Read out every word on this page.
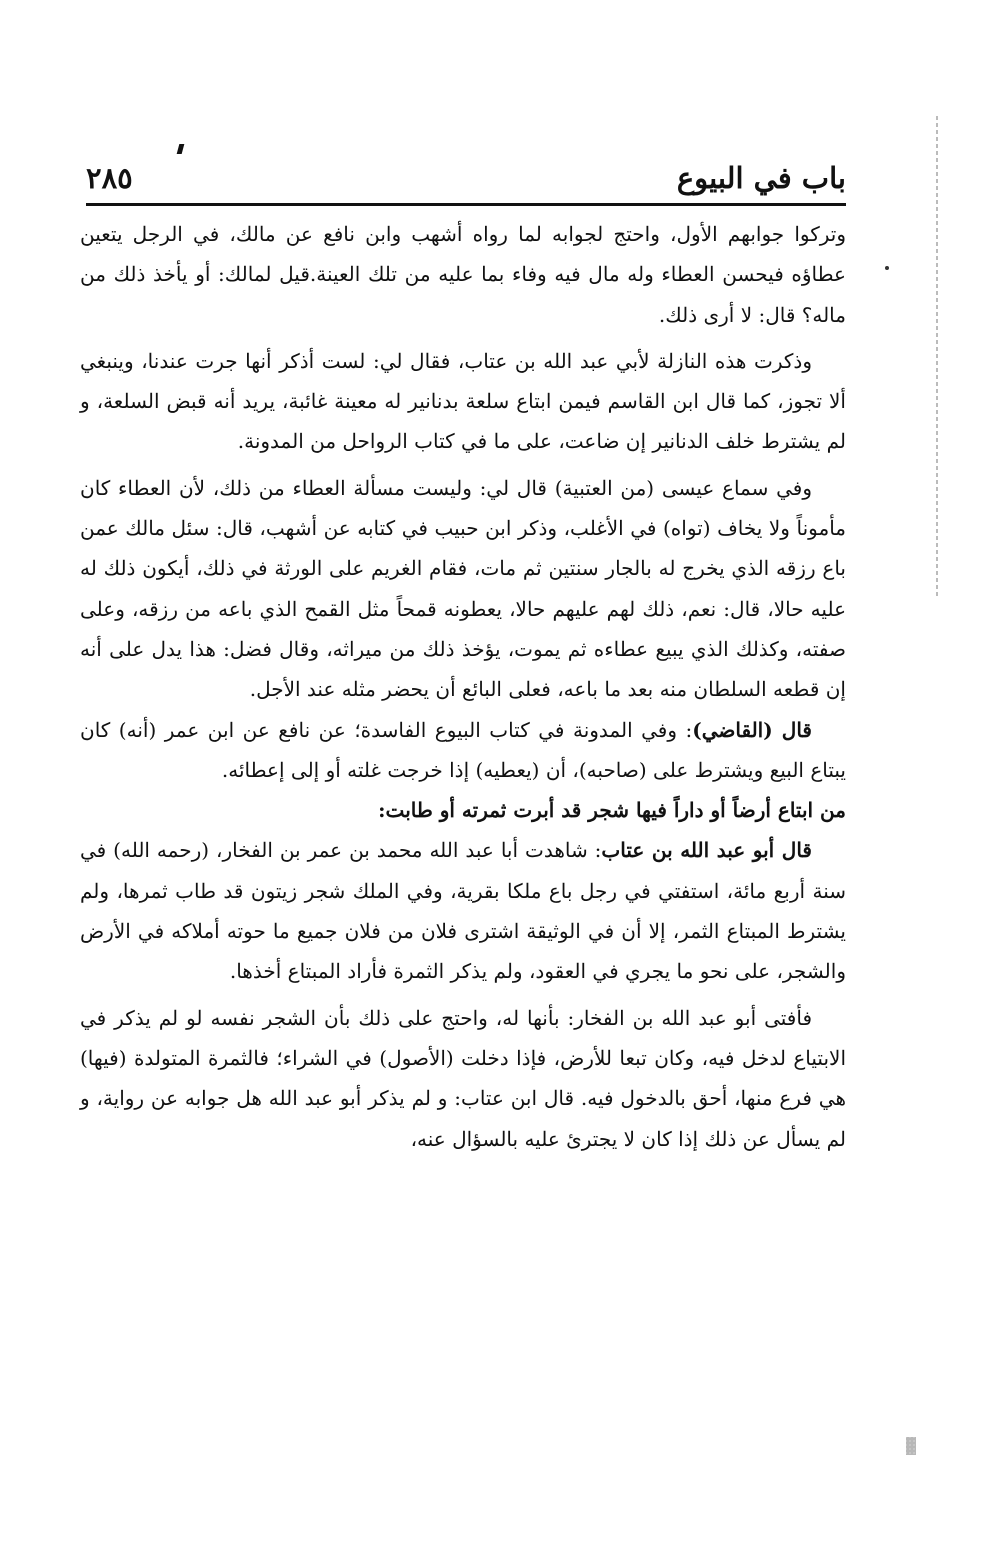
باب في البيوع
٢٨٥

وتركوا جوابهم الأول، واحتج لجوابه لما رواه أشهب وابن نافع عن مالك، في الرجل يتعين عطاؤه فيحسن العطاء وله مال فيه وفاء بما عليه من تلك العينة.قيل لمالك: أو يأخذ ذلك من ماله؟ قال: لا أرى ذلك.

وذكرت هذه النازلة لأبي عبد الله بن عتاب، فقال لي: لست أذكر أنها جرت عندنا، وينبغي ألا تجوز، كما قال ابن القاسم فيمن ابتاع سلعة بدنانير له معينة غائبة، يريد أنه قبض السلعة، و لم يشترط خلف الدنانير إن ضاعت، على ما في كتاب الرواحل من المدونة.

وفي سماع عيسى (من العتبية) قال لي: وليست مسألة العطاء من ذلك، لأن العطاء كان مأموناً ولا يخاف (تواه) في الأغلب، وذكر ابن حبيب في كتابه عن أشهب، قال: سئل مالك عمن باع رزقه الذي يخرج له بالجار سنتين ثم مات، فقام الغريم على الورثة في ذلك، أيكون ذلك له عليه حالا، قال: نعم، ذلك لهم عليهم حالا، يعطونه قمحاً مثل القمح الذي باعه من رزقه، وعلى صفته، وكذلك الذي يبيع عطاءه ثم يموت، يؤخذ ذلك من ميراثه، وقال فضل: هذا يدل على أنه إن قطعه السلطان منه بعد ما باعه، فعلى البائع أن يحضر مثله عند الأجل.

قال (القاضي): وفي المدونة في كتاب البيوع الفاسدة؛ عن نافع عن ابن عمر (أنه) كان يبتاع البيع ويشترط على (صاحبه)، أن (يعطيه) إذا خرجت غلته أو إلى إعطائه.

من ابتاع أرضاً أو داراً فيها شجر قد أبرت ثمرته أو طابت:

قال أبو عبد الله بن عتاب: شاهدت أبا عبد الله محمد بن عمر بن الفخار، (رحمه الله) في سنة أربع مائة، استفتي في رجل باع ملكا بقرية، وفي الملك شجر زيتون قد طاب ثمرها، ولم يشترط المبتاع الثمر، إلا أن في الوثيقة اشترى فلان من فلان جميع ما حوته أملاكه في الأرض والشجر، على نحو ما يجري في العقود، ولم يذكر الثمرة فأراد المبتاع أخذها.

فأفتى أبو عبد الله بن الفخار: بأنها له، واحتج على ذلك بأن الشجر نفسه لو لم يذكر في الابتياع لدخل فيه، وكان تبعا للأرض، فإذا دخلت (الأصول) في الشراء؛ فالثمرة المتولدة (فيها) هي فرع منها، أحق بالدخول فيه. قال ابن عتاب: و لم يذكر أبو عبد الله هل جوابه عن رواية، و لم يسأل عن ذلك إذا كان لا يجترئ عليه بالسؤال عنه،
